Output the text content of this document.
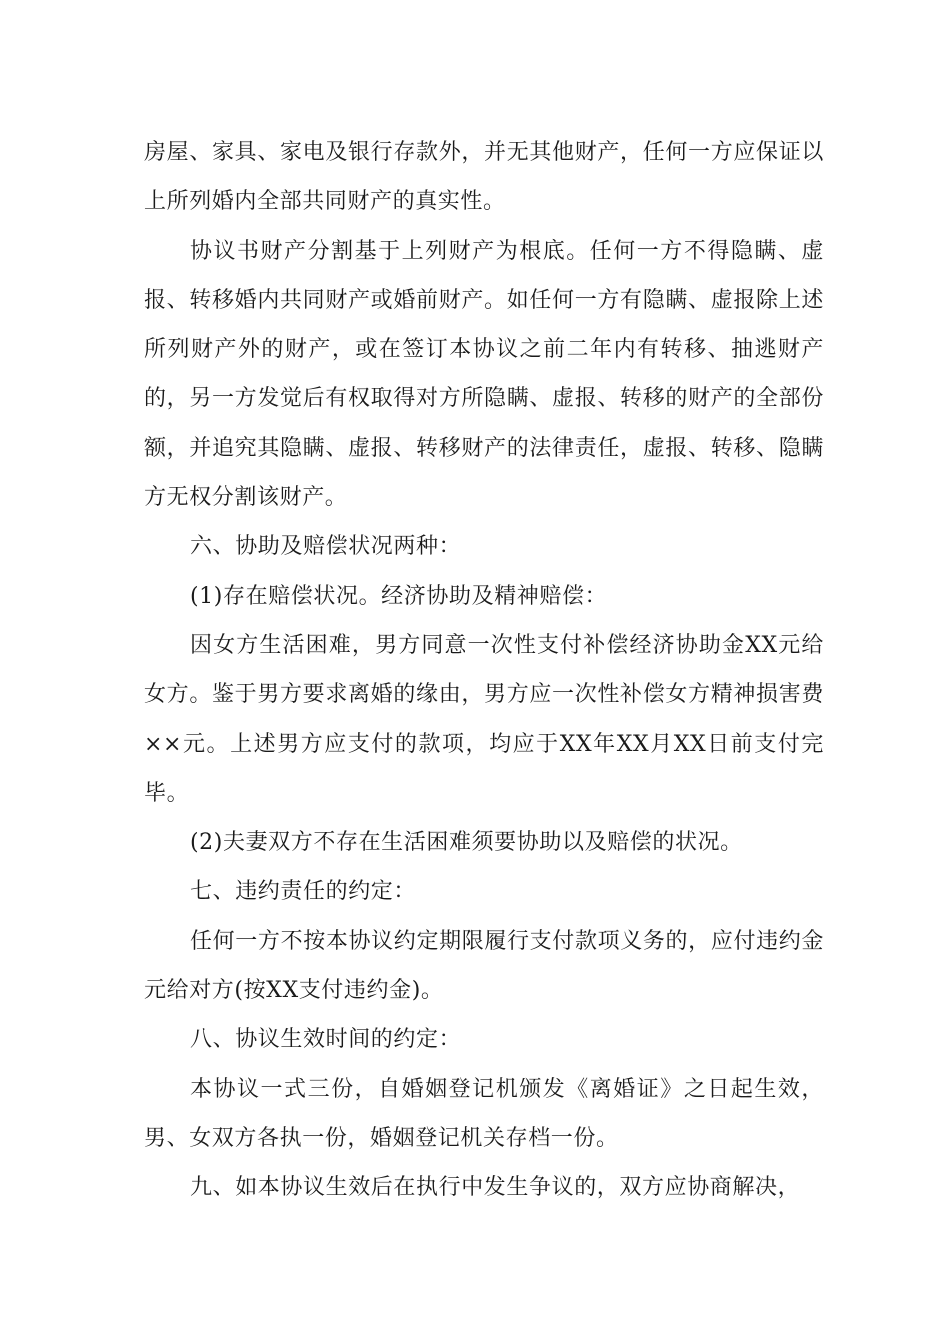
房屋、家具、家电及银行存款外，并无其他财产，任何一方应保证以上所列婚内全部共同财产的真实性。

协议书财产分割基于上列财产为根底。任何一方不得隐瞒、虚报、转移婚内共同财产或婚前财产。如任何一方有隐瞒、虚报除上述所列财产外的财产，或在签订本协议之前二年内有转移、抽逃财产的，另一方发觉后有权取得对方所隐瞒、虚报、转移的财产的全部份额，并追究其隐瞒、虚报、转移财产的法律责任，虚报、转移、隐瞒方无权分割该财产。

六、协助及赔偿状况两种：

(1)存在赔偿状况。经济协助及精神赔偿：

因女方生活困难，男方同意一次性支付补偿经济协助金XX元给女方。鉴于男方要求离婚的缘由，男方应一次性补偿女方精神损害费××元。上述男方应支付的款项，均应于XX年XX月XX日前支付完毕。

(2)夫妻双方不存在生活困难须要协助以及赔偿的状况。

七、违约责任的约定：

任何一方不按本协议约定期限履行支付款项义务的，应付违约金元给对方(按XX支付违约金)。

八、协议生效时间的约定：

本协议一式三份，自婚姻登记机颁发《离婚证》之日起生效，男、女双方各执一份，婚姻登记机关存档一份。

九、如本协议生效后在执行中发生争议的，双方应协商解决，
